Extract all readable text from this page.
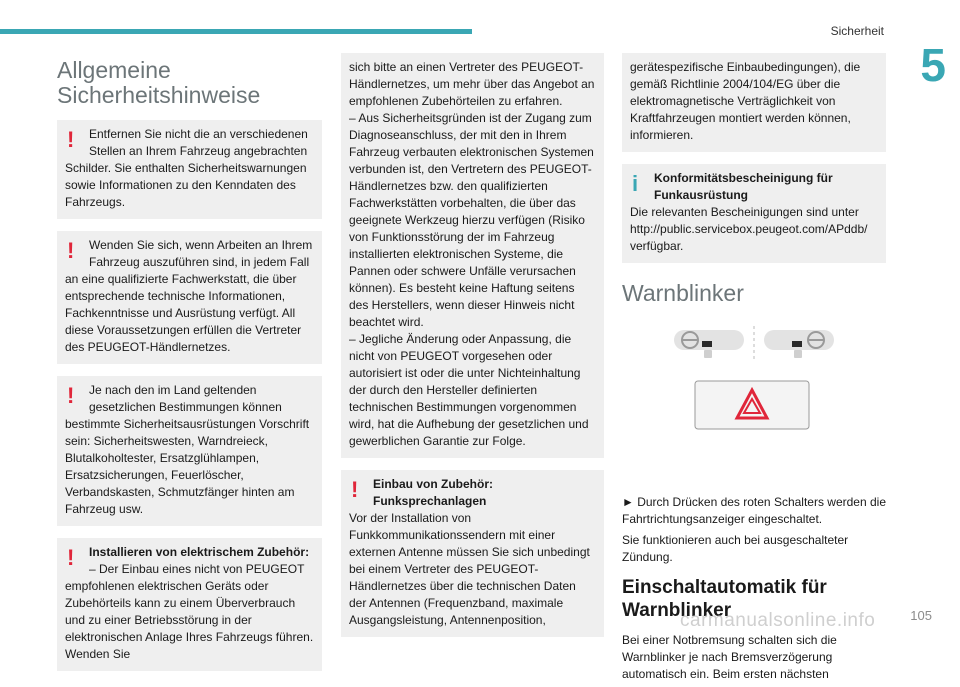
Sicherheit
5
Allgemeine
Sicherheitshinweise
!	Entfernen Sie nicht die an verschiedenen Stellen an Ihrem Fahrzeug angebrachten
Schilder. Sie enthalten Sicherheitswarnungen sowie Informationen zu den Kenndaten des Fahrzeugs.
!	Wenden Sie sich, wenn Arbeiten an Ihrem Fahrzeug auszuführen sind, in jedem Fall
an eine qualifizierte Fachwerkstatt, die über entsprechende technische Informationen, Fachkenntnisse und Ausrüstung verfügt. All diese Voraussetzungen erfüllen die Vertreter des PEUGEOT-Händlernetzes.
!	Je nach den im Land geltenden gesetzlichen Bestimmungen können
bestimmte Sicherheitsausrüstungen Vorschrift sein: Sicherheitswesten, Warndreieck, Blutalkoholtester, Ersatzglühlampen, Ersatzsicherungen, Feuerlöscher, Verbandskasten, Schmutzfänger hinten am Fahrzeug usw.
!	Installieren von elektrischem Zubehör:
– Der Einbau eines nicht von PEUGEOT
empfohlenen elektrischen Geräts oder Zubehörteils kann zu einem Überverbrauch und zu einer Betriebsstörung in der elektronischen Anlage Ihres Fahrzeugs führen. Wenden Sie
sich bitte an einen Vertreter des PEUGEOT-Händlernetzes, um mehr über das Angebot an empfohlenen Zubehörteilen zu erfahren.
– Aus Sicherheitsgründen ist der Zugang zum Diagnoseanschluss, der mit den in Ihrem Fahrzeug verbauten elektronischen Systemen verbunden ist, den Vertretern des PEUGEOT-Händlernetzes bzw. den qualifizierten Fachwerkstätten vorbehalten, die über das geeignete Werkzeug hierzu verfügen (Risiko von Funktionsstörung der im Fahrzeug installierten elektronischen Systeme, die Pannen oder schwere Unfälle verursachen können). Es besteht keine Haftung seitens des Herstellers, wenn dieser Hinweis nicht beachtet wird.
– Jegliche Änderung oder Anpassung, die nicht von PEUGEOT vorgesehen oder autorisiert ist oder die unter Nichteinhaltung der durch den Hersteller definierten technischen Bestimmungen vorgenommen wird, hat die Aufhebung der gesetzlichen und gewerblichen Garantie zur Folge.
!	Einbau von Zubehör:
Funksprechanlagen
Vor der Installation von Funkkommunikationssendern mit einer externen Antenne müssen Sie sich unbedingt bei einem Vertreter des PEUGEOT-Händlernetzes über die technischen Daten der Antennen (Frequenzband, maximale Ausgangsleistung, Antennenposition,
gerätespezifische Einbaubedingungen), die gemäß Richtlinie 2004/104/EG über die elektromagnetische Verträglichkeit von Kraftfahrzeugen montiert werden können, informieren.
i	Konformitätsbescheinigung für
Funkausrüstung
Die relevanten Bescheinigungen sind unter http://public.servicebox.peugeot.com/APddb/ verfügbar.
Warnblinker

► Durch Drücken des roten Schalters werden die Fahrtrichtungsanzeiger eingeschaltet.

Sie funktionieren auch bei ausgeschalteter Zündung.

Einschaltautomatik für Warnblinker

Bei einer Notbremsung schalten sich die Warnblinker je nach Bremsverzögerung automatisch ein. Beim ersten nächsten

carmanualsonline.info	105
